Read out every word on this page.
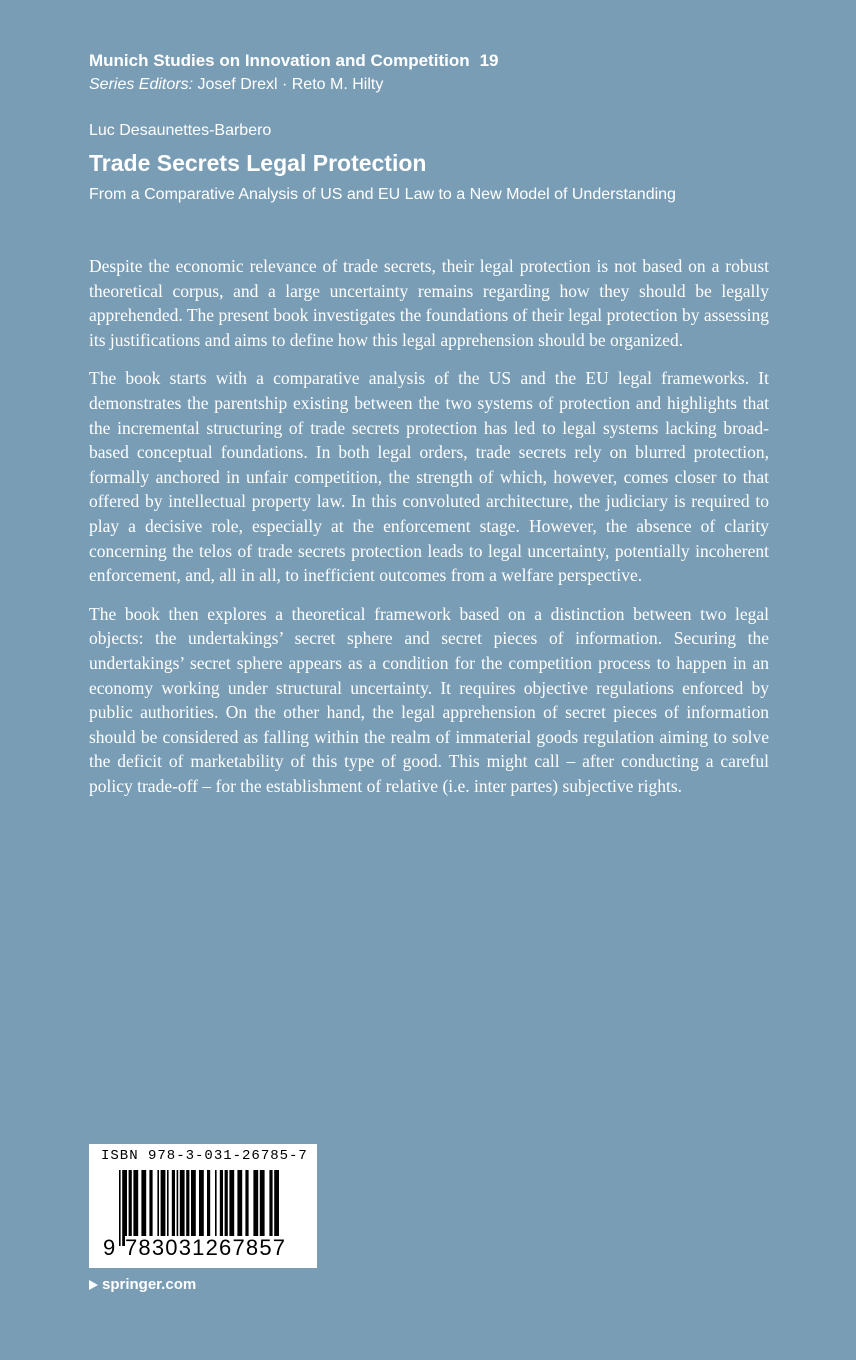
Munich Studies on Innovation and Competition 19
Series Editors: Josef Drexl · Reto M. Hilty
Luc Desaunettes-Barbero
Trade Secrets Legal Protection
From a Comparative Analysis of US and EU Law to a New Model of Understanding

Despite the economic relevance of trade secrets, their legal protection is not based on a robust theoretical corpus, and a large uncertainty remains regarding how they should be legally apprehended. The present book investigates the foundations of their legal protection by assessing its justifications and aims to define how this legal apprehension should be organized.

The book starts with a comparative analysis of the US and the EU legal frameworks. It demonstrates the parentship existing between the two systems of protection and highlights that the incremental structuring of trade secrets protection has led to legal systems lacking broad-based conceptual foundations. In both legal orders, trade secrets rely on blurred protection, formally anchored in unfair competition, the strength of which, however, comes closer to that offered by intellectual property law. In this convoluted architecture, the judiciary is required to play a decisive role, especially at the enforcement stage. However, the absence of clarity concerning the telos of trade secrets protection leads to legal uncertainty, potentially incoherent enforcement, and, all in all, to inefficient outcomes from a welfare perspective.

The book then explores a theoretical framework based on a distinction between two legal objects: the undertakings’ secret sphere and secret pieces of information. Securing the undertakings’ secret sphere appears as a condition for the competition process to happen in an economy working under structural uncertainty. It requires objective regulations enforced by public authorities. On the other hand, the legal apprehension of secret pieces of information should be considered as falling within the realm of immaterial goods regulation aiming to solve the deficit of marketability of this type of good. This might call – after conducting a careful policy trade-off – for the establishment of relative (i.e. inter partes) subjective rights.

ISBN 978-3-031-26785-7
9 783031267857
springer.com
